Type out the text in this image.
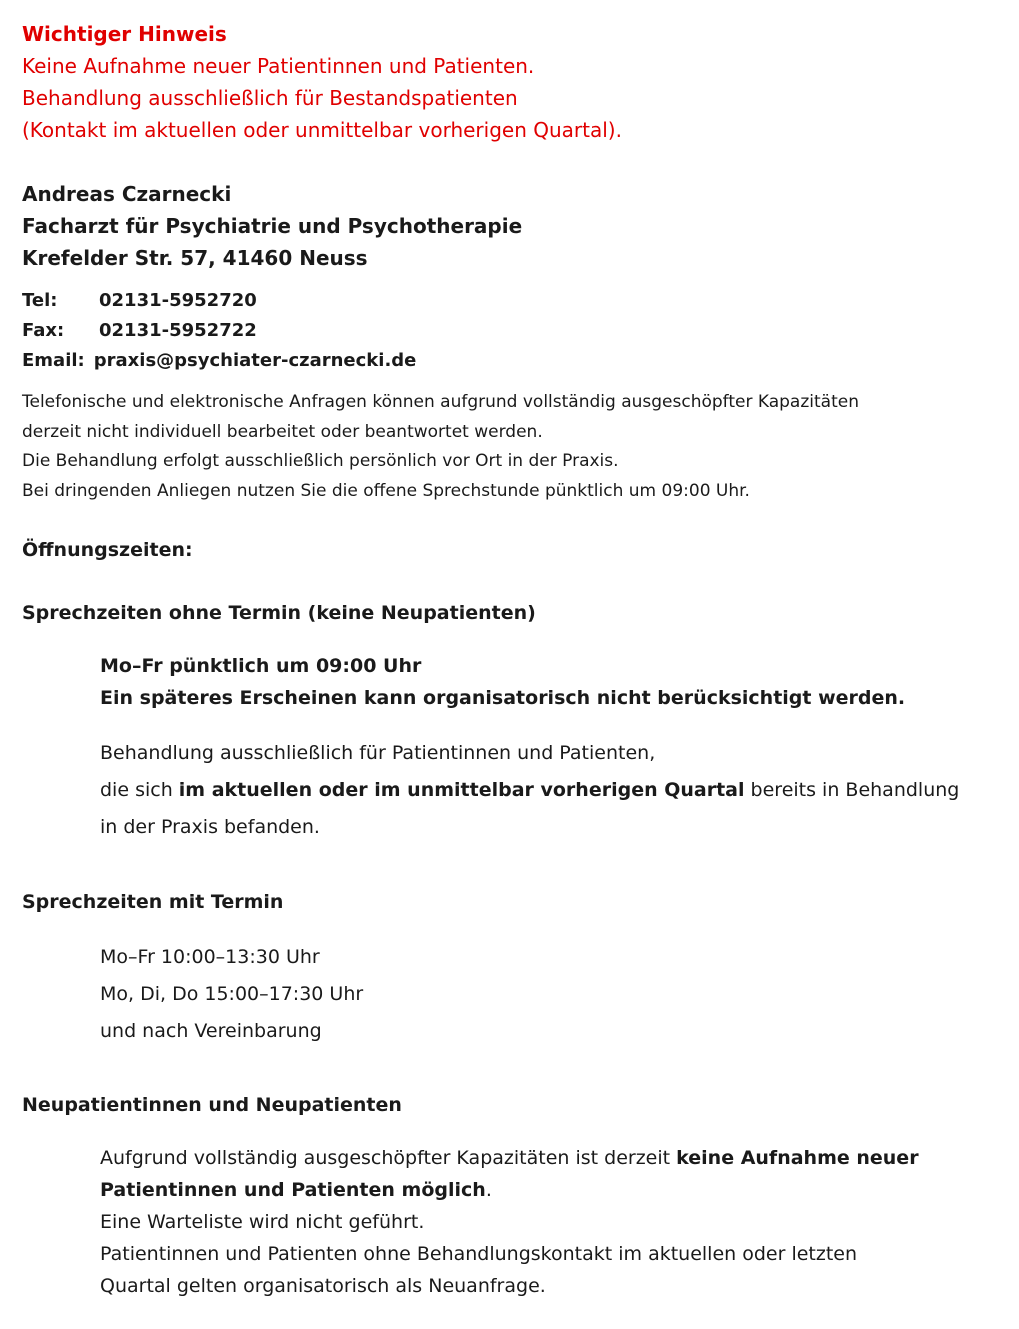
Wichtiger Hinweis
Keine Aufnahme neuer Patientinnen und Patienten.
Behandlung ausschließlich für Bestandspatienten
(Kontakt im aktuellen oder unmittelbar vorherigen Quartal).
Andreas Czarnecki
Facharzt für Psychiatrie und Psychotherapie
Krefelder Str. 57, 41460 Neuss
Tel:	02131-5952720
Fax:	02131-5952722
Email: praxis@psychiater-czarnecki.de
Telefonische und elektronische Anfragen können aufgrund vollständig ausgeschöpfter Kapazitäten
derzeit nicht individuell bearbeitet oder beantwortet werden.
Die Behandlung erfolgt ausschließlich persönlich vor Ort in der Praxis.
Bei dringenden Anliegen nutzen Sie die offene Sprechstunde pünktlich um 09:00 Uhr.
Öffnungszeiten:
Sprechzeiten ohne Termin (keine Neupatienten)
Mo–Fr pünktlich um 09:00 Uhr
Ein späteres Erscheinen kann organisatorisch nicht berücksichtigt werden.
Behandlung ausschließlich für Patientinnen und Patienten,
die sich im aktuellen oder im unmittelbar vorherigen Quartal bereits in Behandlung
in der Praxis befanden.
Sprechzeiten mit Termin
Mo–Fr 10:00–13:30 Uhr
Mo, Di, Do 15:00–17:30 Uhr
und nach Vereinbarung
Neupatientinnen und Neupatienten
Aufgrund vollständig ausgeschöpfter Kapazitäten ist derzeit keine Aufnahme neuer
Patientinnen und Patienten möglich.
Eine Warteliste wird nicht geführt.
Patientinnen und Patienten ohne Behandlungskontakt im aktuellen oder letzten
Quartal gelten organisatorisch als Neuanfrage.
